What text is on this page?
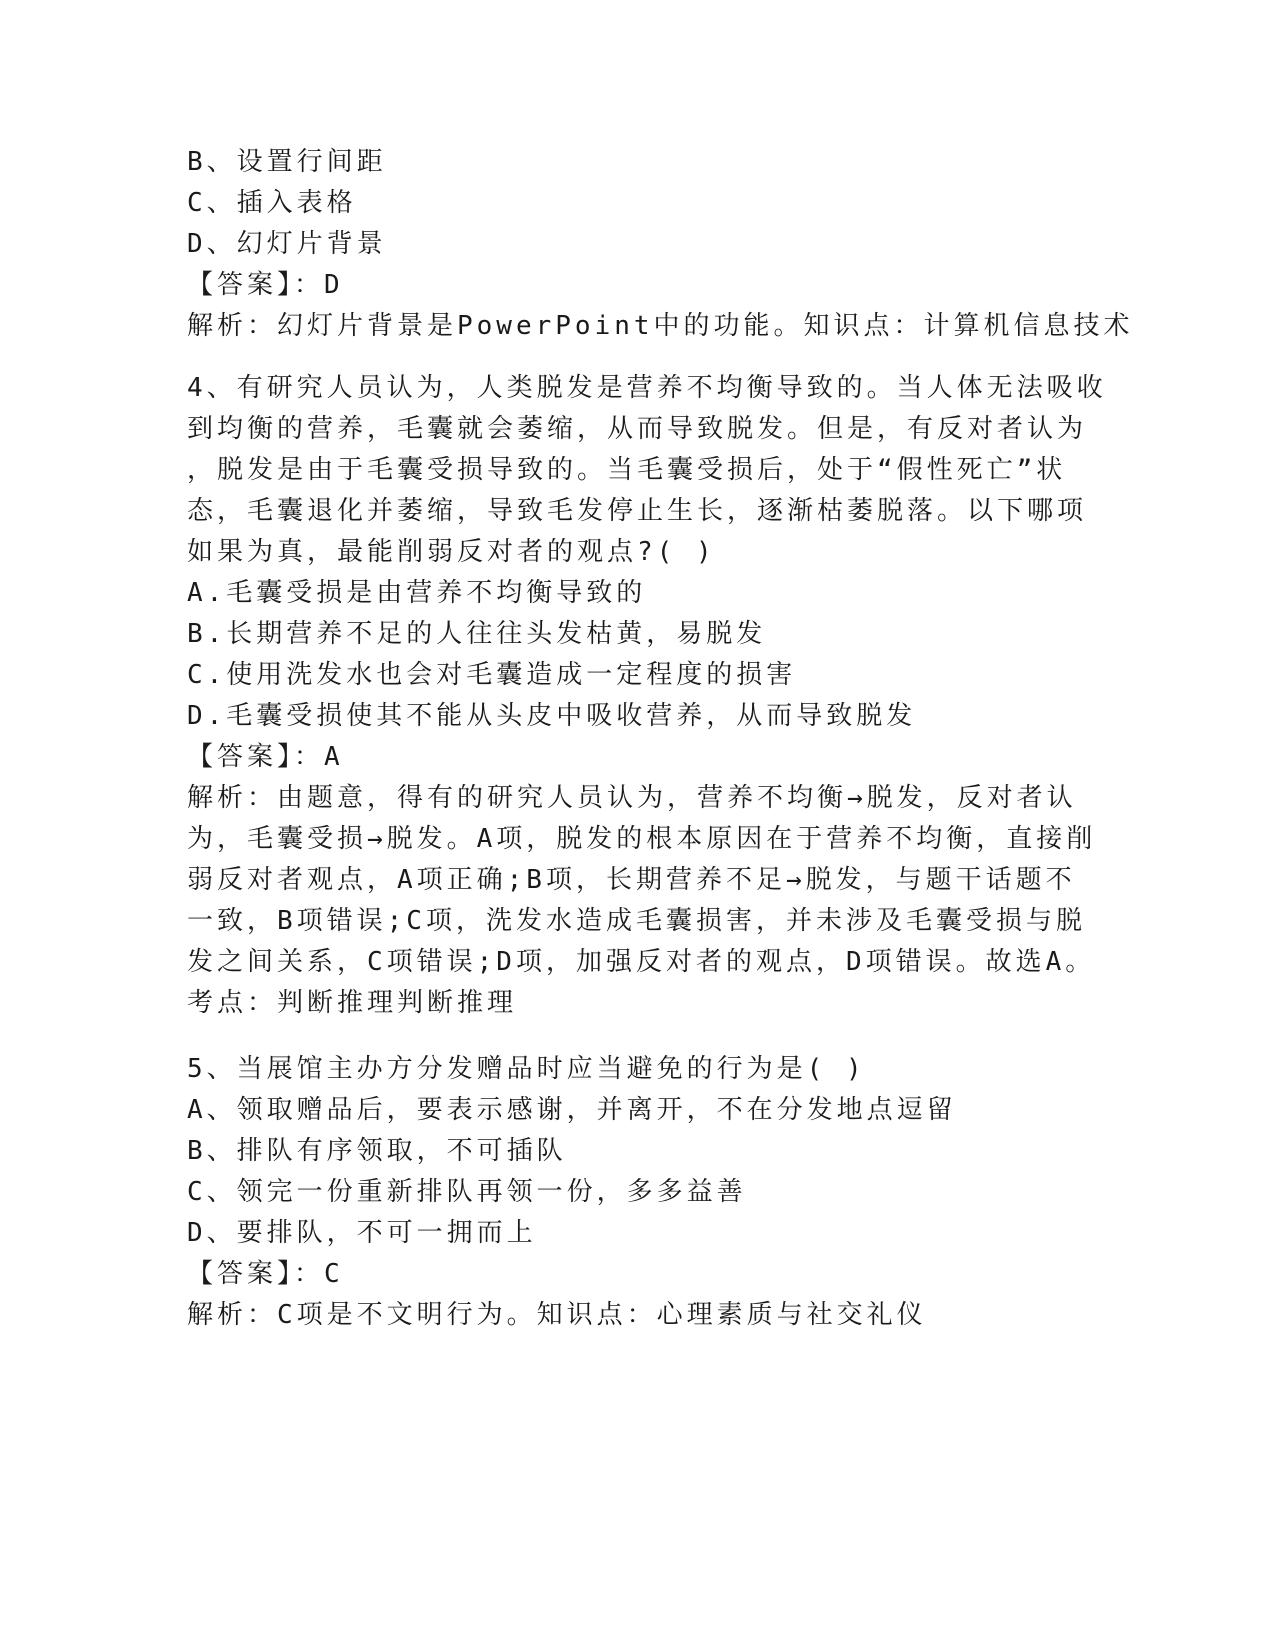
B、设置行间距
C、插入表格
D、幻灯片背景
【答案】：D
解析：幻灯片背景是PowerPoint中的功能。知识点：计算机信息技术
4、有研究人员认为，人类脱发是营养不均衡导致的。当人体无法吸收
到均衡的营养，毛囊就会萎缩，从而导致脱发。但是，有反对者认为
，脱发是由于毛囊受损导致的。当毛囊受损后，处于“假性死亡”状
态，毛囊退化并萎缩，导致毛发停止生长，逐渐枯萎脱落。以下哪项
如果为真，最能削弱反对者的观点?( )
A.毛囊受损是由营养不均衡导致的
B.长期营养不足的人往往头发枯黄，易脱发
C.使用洗发水也会对毛囊造成一定程度的损害
D.毛囊受损使其不能从头皮中吸收营养，从而导致脱发
【答案】：A
解析：由题意，得有的研究人员认为，营养不均衡→脱发，反对者认
为，毛囊受损→脱发。A项，脱发的根本原因在于营养不均衡，直接削
弱反对者观点，A项正确;B项，长期营养不足→脱发，与题干话题不
一致，B项错误;C项，洗发水造成毛囊损害，并未涉及毛囊受损与脱
发之间关系，C项错误;D项，加强反对者的观点，D项错误。故选A。
考点：判断推理判断推理
5、当展馆主办方分发赠品时应当避免的行为是( )
A、领取赠品后，要表示感谢，并离开，不在分发地点逗留
B、排队有序领取，不可插队
C、领完一份重新排队再领一份，多多益善
D、要排队，不可一拥而上
【答案】：C
解析：C项是不文明行为。知识点：心理素质与社交礼仪
